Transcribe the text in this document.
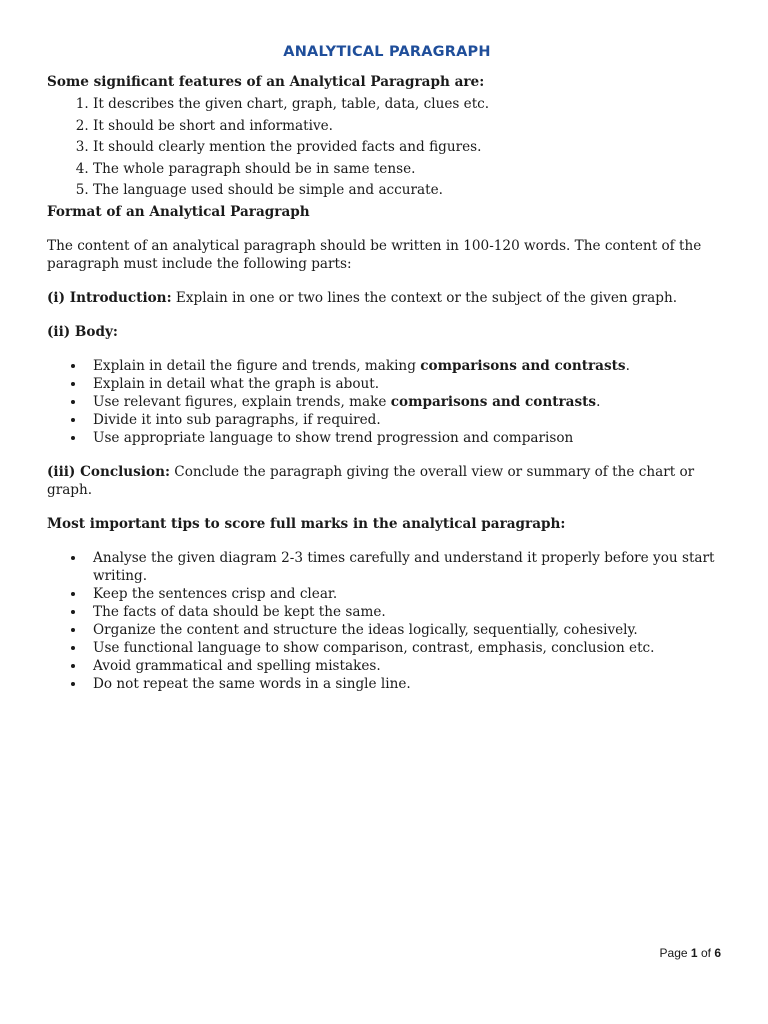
ANALYTICAL PARAGRAPH

Some significant features of an Analytical Paragraph are:

1. It describes the given chart, graph, table, data, clues etc.
2. It should be short and informative.
3. It should clearly mention the provided facts and figures.
4. The whole paragraph should be in same tense.
5. The language used should be simple and accurate.

Format of an Analytical Paragraph

The content of an analytical paragraph should be written in 100-120 words. The content of the paragraph must include the following parts:

(i) Introduction: Explain in one or two lines the context or the subject of the given graph.

(ii) Body:

Explain in detail the figure and trends, making comparisons and contrasts.
Explain in detail what the graph is about.
Use relevant figures, explain trends, make comparisons and contrasts.
Divide it into sub paragraphs, if required.
Use appropriate language to show trend progression and comparison

(iii) Conclusion: Conclude the paragraph giving the overall view or summary of the chart or graph.

Most important tips to score full marks in the analytical paragraph:

Analyse the given diagram 2-3 times carefully and understand it properly before you start writing.
Keep the sentences crisp and clear.
The facts of data should be kept the same.
Organize the content and structure the ideas logically, sequentially, cohesively.
Use functional language to show comparison, contrast, emphasis, conclusion etc.
Avoid grammatical and spelling mistakes.
Do not repeat the same words in a single line.
Page 1 of 6
